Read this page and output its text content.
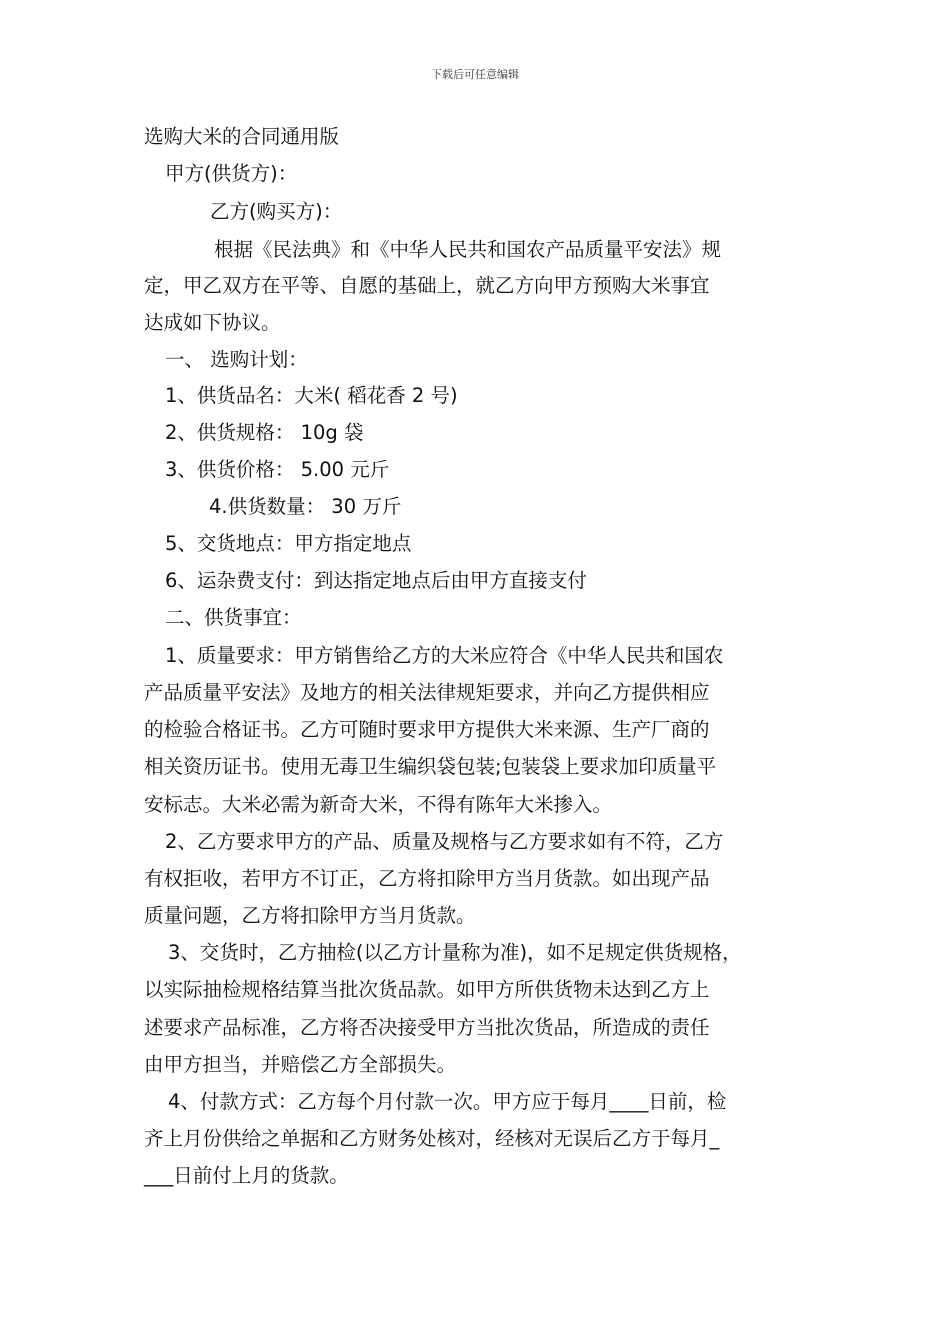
下载后可任意编辑
选购大米的合同通用版
甲方(供货方)：
乙方(购买方)：
根据《民法典》和《中华人民共和国农产品质量平安法》规
定，甲乙双方在平等、自愿的基础上，就乙方向甲方预购大米事宜
达成如下协议。
一、 选购计划：
1、供货品名：大米( 稻花香 2 号)
2、供货规格： 10g 袋
3、供货价格： 5.00 元斤
4.供货数量： 30 万斤
5、交货地点：甲方指定地点
6、运杂费支付：到达指定地点后由甲方直接支付
二、供货事宜：
1、质量要求：甲方销售给乙方的大米应符合《中华人民共和国农
产品质量平安法》及地方的相关法律规矩要求，并向乙方提供相应
的检验合格证书。乙方可随时要求甲方提供大米来源、生产厂商的
相关资历证书。使用无毒卫生编织袋包装;包装袋上要求加印质量平
安标志。大米必需为新奇大米，不得有陈年大米掺入。
2、乙方要求甲方的产品、质量及规格与乙方要求如有不符，乙方
有权拒收，若甲方不订正，乙方将扣除甲方当月货款。如出现产品
质量问题，乙方将扣除甲方当月货款。
3、交货时，乙方抽检(以乙方计量称为准)，如不足规定供货规格，
以实际抽检规格结算当批次货品款。如甲方所供货物未达到乙方上
述要求产品标准，乙方将否决接受甲方当批次货品，所造成的责任
由甲方担当，并赔偿乙方全部损失。
4、付款方式：乙方每个月付款一次。甲方应于每月____日前，检
齐上月份供给之单据和乙方财务处核对，经核对无误后乙方于每月_
___日前付上月的货款。
